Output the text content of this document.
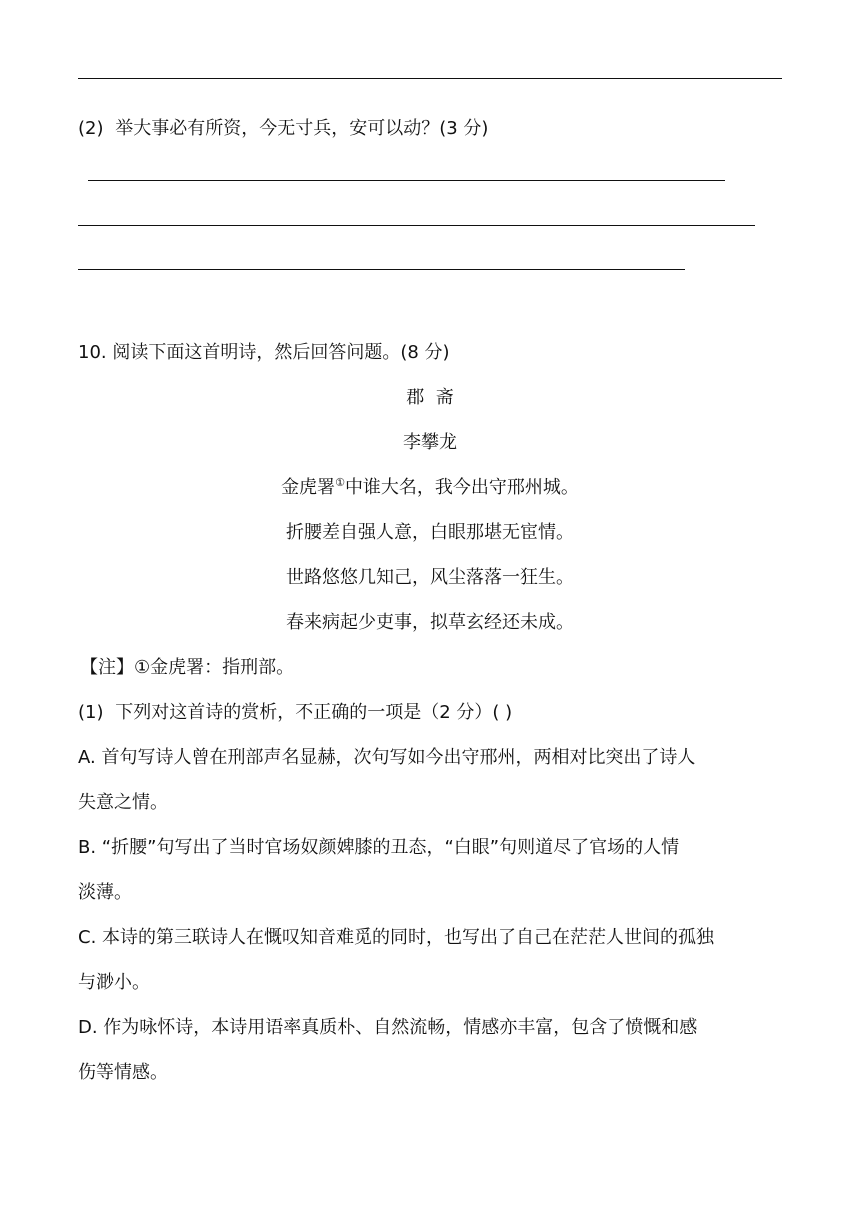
(2) 举大事必有所资，今无寸兵，安可以动？(3 分)
10. 阅读下面这首明诗，然后回答问题。(8 分)
郡  斋
李攀龙
金虎署①中谁大名，我今出守邢州城。
折腰差自强人意，白眼那堪无宦情。
世路悠悠几知己，风尘落落一狂生。
春来病起少吏事，拟草玄经还未成。
【注】①金虎署：指刑部。
(1) 下列对这首诗的赏析，不正确的一项是（2 分）( )
A. 首句写诗人曾在刑部声名显赫，次句写如今出守邢州，两相对比突出了诗人
失意之情。
B. “折腰”句写出了当时官场奴颜婢膝的丑态，“白眼”句则道尽了官场的人情
淡薄。
C. 本诗的第三联诗人在慨叹知音难觅的同时，也写出了自己在茫茫人世间的孤独
与渺小。
D. 作为咏怀诗，本诗用语率真质朴、自然流畅，情感亦丰富，包含了愤慨和感
伤等情感。
